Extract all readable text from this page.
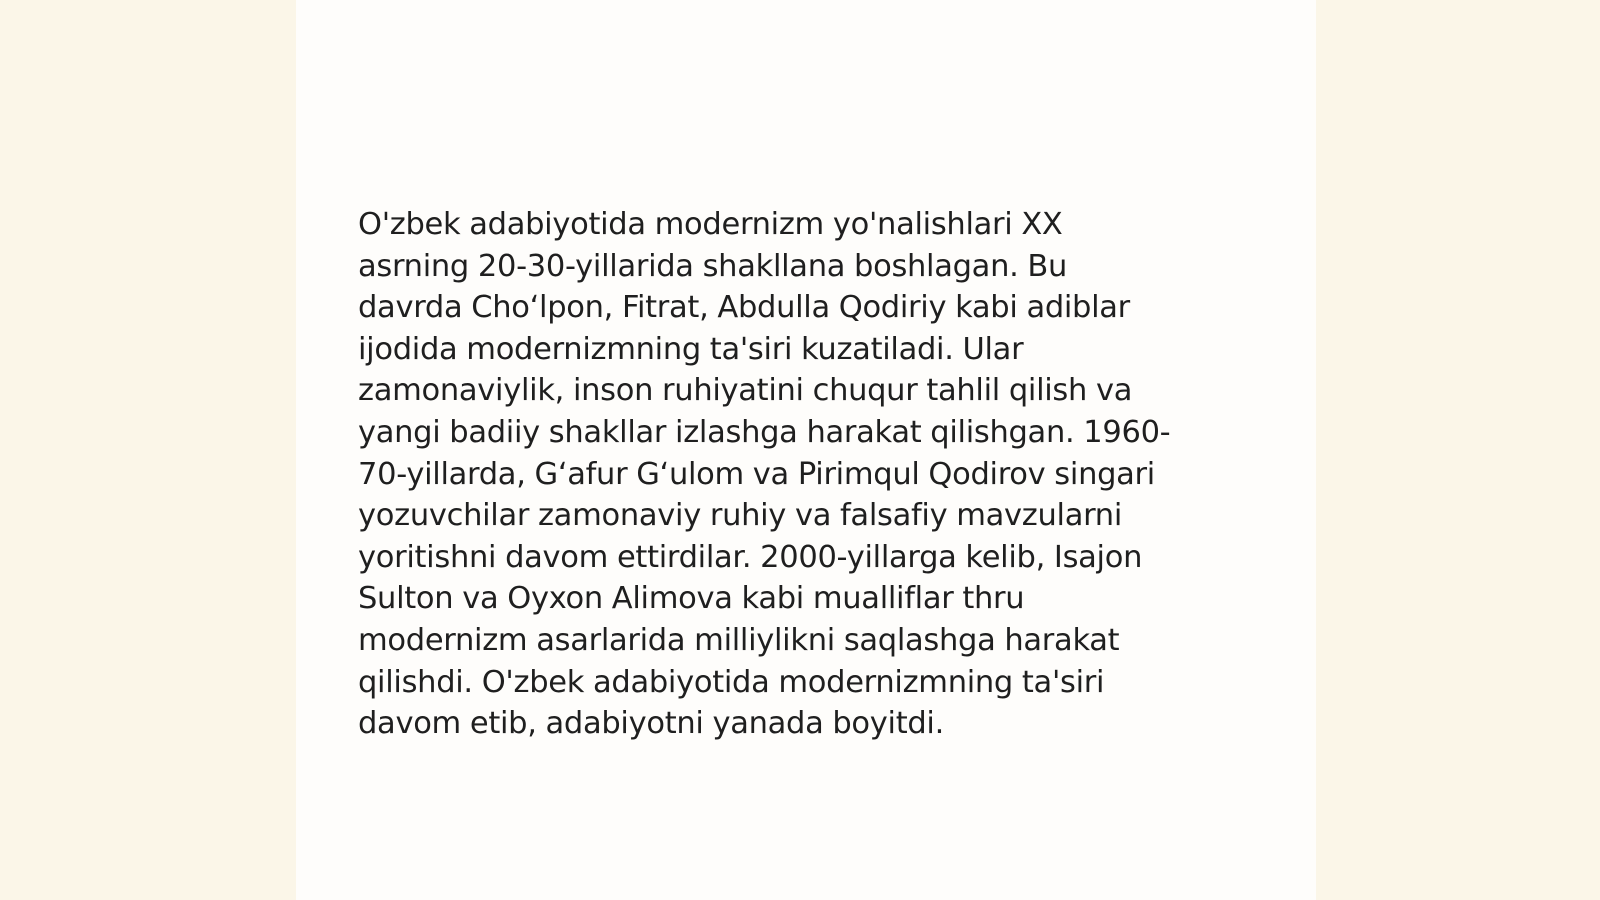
O'zbek adabiyotida modernizm yo'nalishlari XX
asrning 20-30-yillarida shakllana boshlagan. Bu
davrda Cho‘lpon, Fitrat, Abdulla Qodiriy kabi adiblar
ijodida modernizmning ta'siri kuzatiladi. Ular
zamonaviylik, inson ruhiyatini chuqur tahlil qilish va
yangi badiiy shakllar izlashga harakat qilishgan. 1960-
70-yillarda, G‘afur G‘ulom va Pirimqul Qodirov singari
yozuvchilar zamonaviy ruhiy va falsafiy mavzularni
yoritishni davom ettirdilar. 2000-yillarga kelib, Isajon
Sulton va Oyxon Alimova kabi mualliflar thru
modernizm asarlarida milliylikni saqlashga harakat
qilishdi. O'zbek adabiyotida modernizmning ta'siri
davom etib, adabiyotni yanada boyitdi.
